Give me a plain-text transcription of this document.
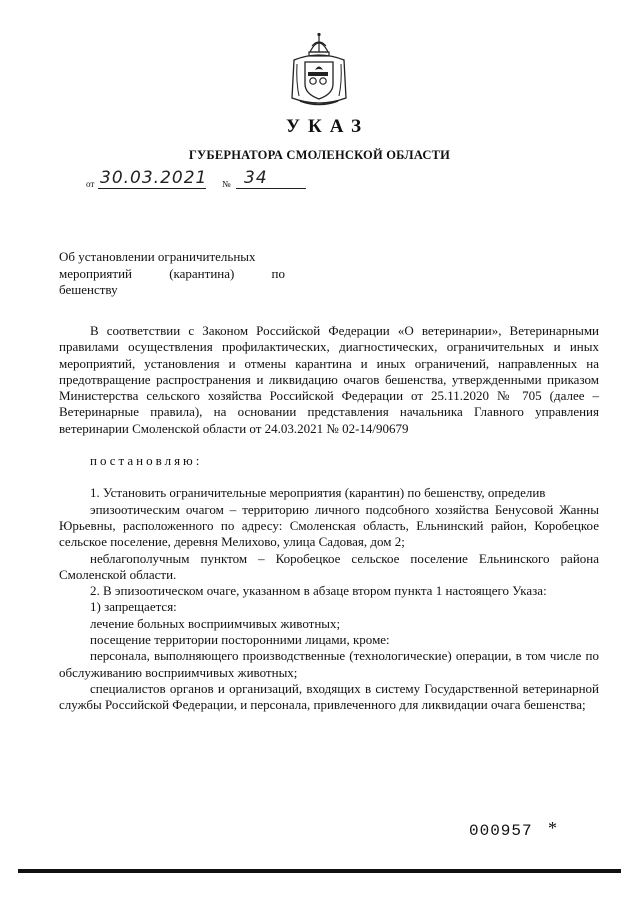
УКАЗ
ГУБЕРНАТОРА СМОЛЕНСКОЙ ОБЛАСТИ
от 30.03.2021 № 34
Об установлении ограничительных
мероприятий	(карантина)	по
бешенству

В соответствии с Законом Российской Федерации «О ветеринарии», Ветеринарными правилами осуществления профилактических, диагностических, ограничительных и иных мероприятий, установления и отмены карантина и иных ограничений, направленных на предотвращение распространения и ликвидацию очагов бешенства, утвержденными приказом Министерства сельского хозяйства Российской Федерации от 25.11.2020 № 705 (далее – Ветеринарные правила), на основании представления начальника Главного управления ветеринарии Смоленской области от 24.03.2021 № 02-14/90679

постановляю:

1. Установить ограничительные мероприятия (карантин) по бешенству, определив

эпизоотическим очагом – территорию личного подсобного хозяйства Бенусовой Жанны Юрьевны, расположенного по адресу: Смоленская область, Ельнинский район, Коробецкое сельское поселение, деревня Мелихово, улица Садовая, дом 2;

неблагополучным пунктом – Коробецкое сельское поселение Ельнинского района Смоленской области.

2. В эпизоотическом очаге, указанном в абзаце втором пункта 1 настоящего Указа:

1) запрещается:

лечение больных восприимчивых животных;

посещение территории посторонними лицами, кроме:

персонала, выполняющего производственные (технологические) операции, в том числе по обслуживанию восприимчивых животных;

специалистов органов и организаций, входящих в систему Государственной ветеринарной службы Российской Федерации, и персонала, привлеченного для ликвидации очага бешенства;

000957 *
